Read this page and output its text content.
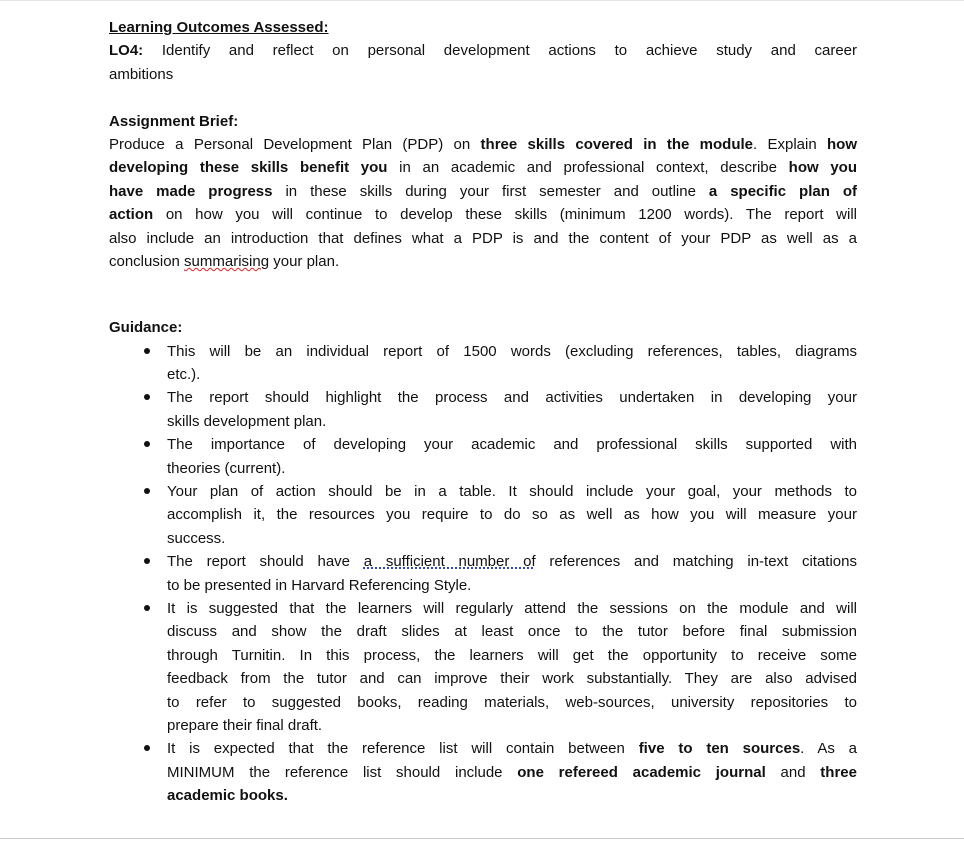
Learning Outcomes Assessed:
LO4: Identify and reflect on personal development actions to achieve study and career
ambitions
Assignment Brief:
Produce a Personal Development Plan (PDP) on three skills covered in the module. Explain how
developing these skills benefit you in an academic and professional context, describe how you
have made progress in these skills during your first semester and outline a specific plan of
action on how you will continue to develop these skills (minimum 1200 words). The report will
also include an introduction that defines what a PDP is and the content of your PDP as well as a
conclusion summarising your plan.
Guidance:
This will be an individual report of 1500 words (excluding references, tables, diagrams
etc.).
The report should highlight the process and activities undertaken in developing your
skills development plan.
The importance of developing your academic and professional skills supported with
theories (current).
Your plan of action should be in a table. It should include your goal, your methods to
accomplish it, the resources you require to do so as well as how you will measure your
success.
The report should have a sufficient number of references and matching in-text citations
to be presented in Harvard Referencing Style.
It is suggested that the learners will regularly attend the sessions on the module and will
discuss and show the draft slides at least once to the tutor before final submission
through Turnitin. In this process, the learners will get the opportunity to receive some
feedback from the tutor and can improve their work substantially. They are also advised
to refer to suggested books, reading materials, web-sources, university repositories to
prepare their final draft.
It is expected that the reference list will contain between five to ten sources. As a
MINIMUM the reference list should include one refereed academic journal and three
academic books.
